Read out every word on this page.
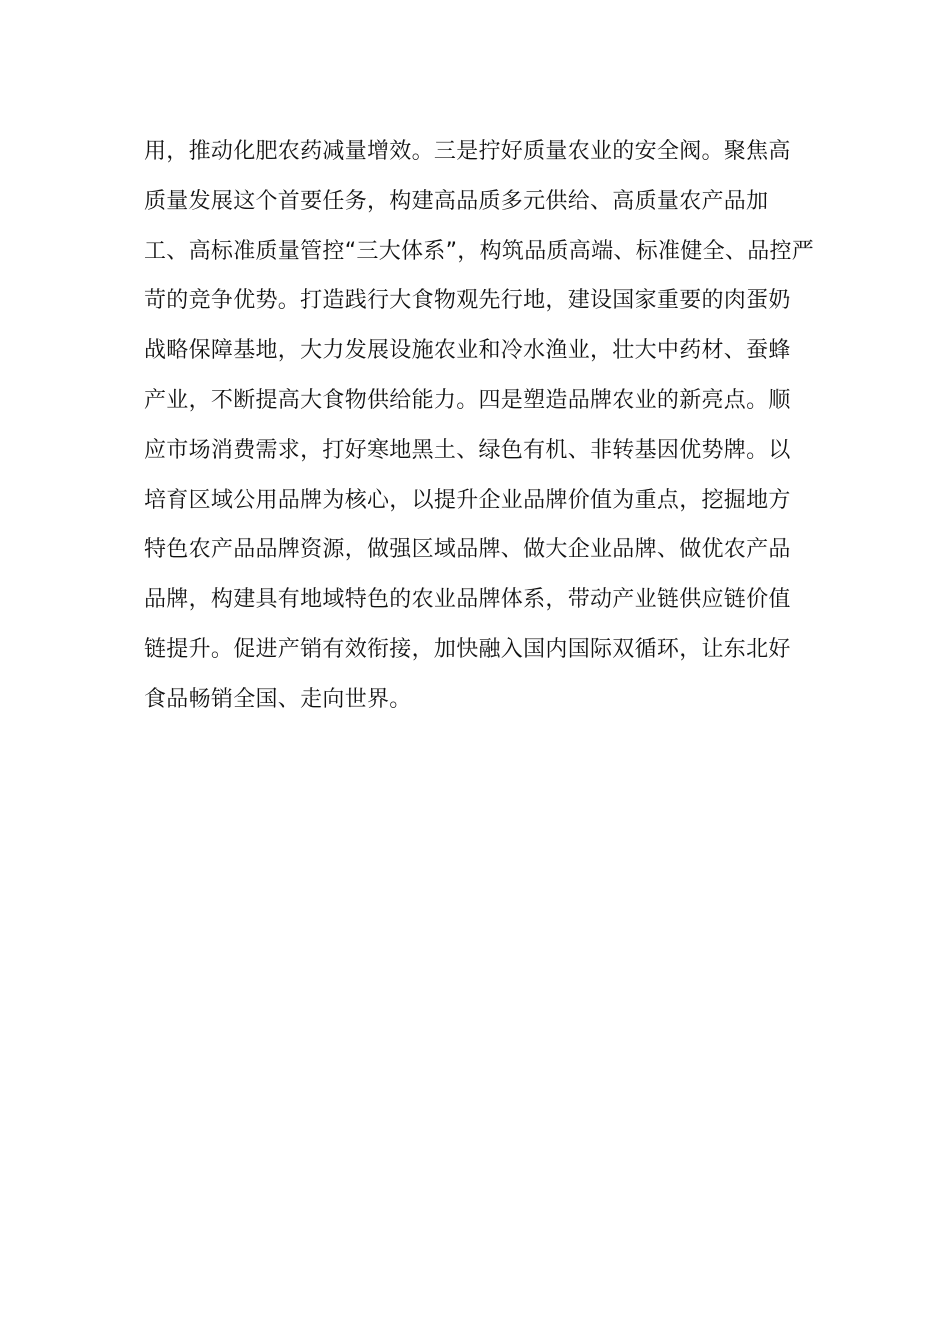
用，推动化肥农药减量增效。三是拧好质量农业的安全阀。聚焦高
质量发展这个首要任务，构建高品质多元供给、高质量农产品加
工、高标准质量管控“三大体系”，构筑品质高端、标准健全、品控严
苛的竞争优势。打造践行大食物观先行地，建设国家重要的肉蛋奶
战略保障基地，大力发展设施农业和冷水渔业，壮大中药材、蚕蜂
产业，不断提高大食物供给能力。四是塑造品牌农业的新亮点。顺
应市场消费需求，打好寒地黑土、绿色有机、非转基因优势牌。以
培育区域公用品牌为核心，以提升企业品牌价值为重点，挖掘地方
特色农产品品牌资源，做强区域品牌、做大企业品牌、做优农产品
品牌，构建具有地域特色的农业品牌体系，带动产业链供应链价值
链提升。促进产销有效衔接，加快融入国内国际双循环，让东北好
食品畅销全国、走向世界。
